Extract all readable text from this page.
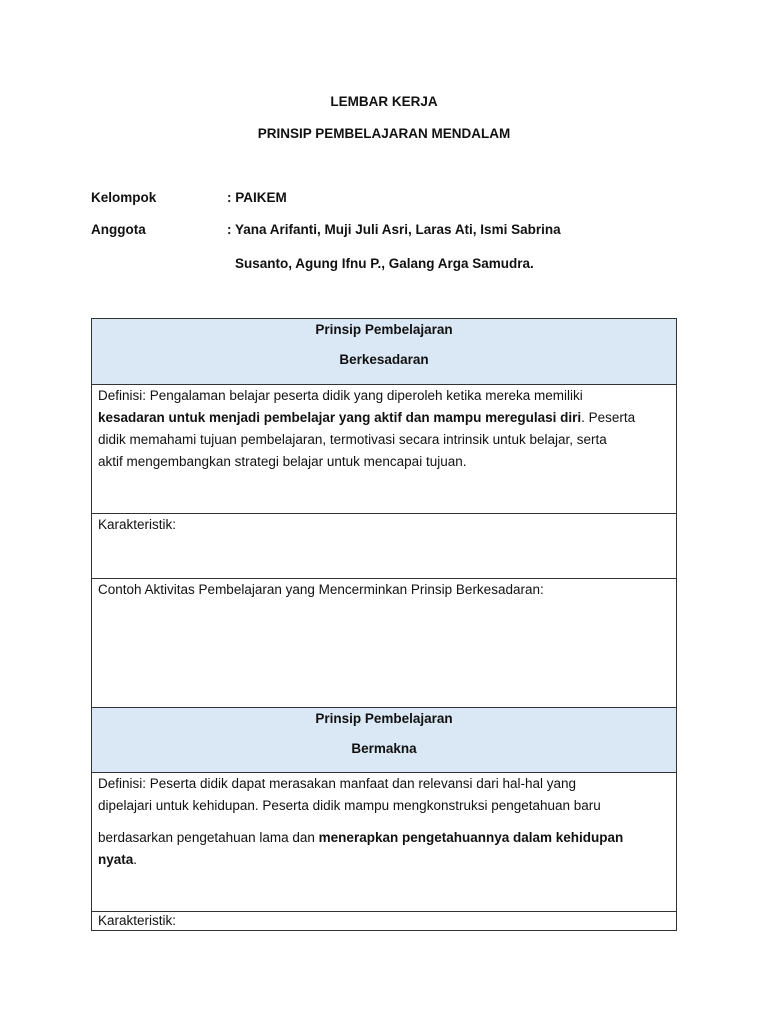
LEMBAR KERJA
PRINSIP PEMBELAJARAN MENDALAM
Kelompok	: PAIKEM
Anggota	: Yana Arifanti, Muji Juli Asri, Laras Ati, Ismi Sabrina
Susanto, Agung Ifnu P., Galang Arga Samudra.
Prinsip Pembelajaran
Berkesadaran
Definisi: Pengalaman belajar peserta didik yang diperoleh ketika mereka memiliki
kesadaran untuk menjadi pembelajar yang aktif dan mampu meregulasi diri. Peserta
didik memahami tujuan pembelajaran, termotivasi secara intrinsik untuk belajar, serta
aktif mengembangkan strategi belajar untuk mencapai tujuan.
Karakteristik:
Contoh Aktivitas Pembelajaran yang Mencerminkan Prinsip Berkesadaran:
Prinsip Pembelajaran
Bermakna
Definisi: Peserta didik dapat merasakan manfaat dan relevansi dari hal-hal yang
dipelajari untuk kehidupan. Peserta didik mampu mengkonstruksi pengetahuan baru
berdasarkan pengetahuan lama dan menerapkan pengetahuannya dalam kehidupan
nyata.
Karakteristik:
